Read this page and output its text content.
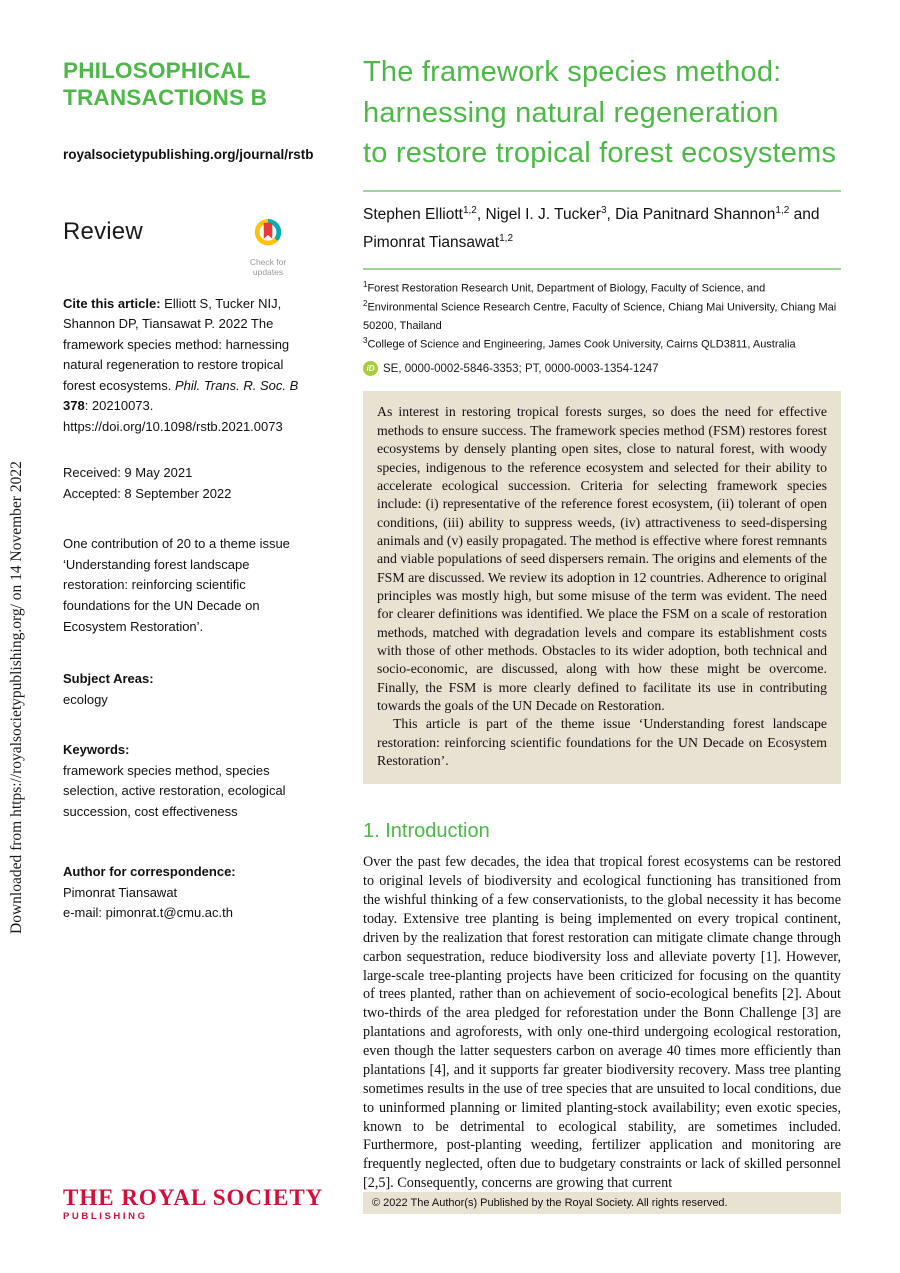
Downloaded from https://royalsocietypublishing.org/ on 14 November 2022
PHILOSOPHICAL
TRANSACTIONS B
royalsocietypublishing.org/journal/rstb
Review
Check for
updates

Cite this article: Elliott S, Tucker NIJ, Shannon DP, Tiansawat P. 2022 The framework species method: harnessing natural regeneration to restore tropical forest ecosystems. Phil. Trans. R. Soc. B 378: 20210073.
https://doi.org/10.1098/rstb.2021.0073

Received: 9 May 2021
Accepted: 8 September 2022

One contribution of 20 to a theme issue ‘Understanding forest landscape restoration: reinforcing scientific foundations for the UN Decade on Ecosystem Restoration’.

Subject Areas:
ecology
Keywords:
framework species method, species selection, active restoration, ecological succession, cost effectiveness
Author for correspondence:
Pimonrat Tiansawat
e-mail: pimonrat.t@cmu.ac.th
The framework species method:
harnessing natural regeneration
to restore tropical forest ecosystems

Stephen Elliott$^{1,2}$, Nigel I. J. Tucker$^3$, Dia Panitnard Shannon$^{1,2}$ and
Pimonrat Tiansawat$^{1,2}$

$^1$Forest Restoration Research Unit, Department of Biology, Faculty of Science, and $^2$Environmental Science Research Centre, Faculty of Science, Chiang Mai University, Chiang Mai 50200, Thailand
$^3$College of Science and Engineering, James Cook University, Cairns QLD3811, Australia

iD SE, 0000-0002-5846-3353; PT, 0000-0003-1354-1247

As interest in restoring tropical forests surges, so does the need for effective methods to ensure success. The framework species method (FSM) restores forest ecosystems by densely planting open sites, close to natural forest, with woody species, indigenous to the reference ecosystem and selected for their ability to accelerate ecological succession. Criteria for selecting framework species include: (i) representative of the reference forest ecosystem, (ii) tolerant of open conditions, (iii) ability to suppress weeds, (iv) attractiveness to seed-dispersing animals and (v) easily propagated. The method is effective where forest remnants and viable populations of seed dispersers remain. The origins and elements of the FSM are discussed. We review its adoption in 12 countries. Adherence to original principles was mostly high, but some misuse of the term was evident. The need for clearer definitions was identified. We place the FSM on a scale of restoration methods, matched with degradation levels and compare its establishment costs with those of other methods. Obstacles to its wider adoption, both technical and socio-economic, are discussed, along with how these might be overcome. Finally, the FSM is more clearly defined to facilitate its use in contributing towards the goals of the UN Decade on Restoration.

This article is part of the theme issue ‘Understanding forest landscape restoration: reinforcing scientific foundations for the UN Decade on Ecosystem Restoration’.

1. Introduction

Over the past few decades, the idea that tropical forest ecosystems can be restored to original levels of biodiversity and ecological functioning has transitioned from the wishful thinking of a few conservationists, to the global necessity it has become today. Extensive tree planting is being implemented on every tropical continent, driven by the realization that forest restoration can mitigate climate change through carbon sequestration, reduce biodiversity loss and alleviate poverty [1]. However, large-scale tree-planting projects have been criticized for focusing on the quantity of trees planted, rather than on achievement of socio-ecological benefits [2]. About two-thirds of the area pledged for reforestation under the Bonn Challenge [3] are plantations and agroforests, with only one-third undergoing ecological restoration, even though the latter sequesters carbon on average 40 times more efficiently than plantations [4], and it supports far greater biodiversity recovery. Mass tree planting sometimes results in the use of tree species that are unsuited to local conditions, due to uninformed planning or limited planting-stock availability; even exotic species, known to be detrimental to ecological stability, are sometimes included. Furthermore, post-planting weeding, fertilizer application and monitoring are frequently neglected, often due to budgetary constraints or lack of skilled personnel [2,5]. Consequently, concerns are growing that current

THE ROYAL SOCIETY
PUBLISHING
© 2022 The Author(s) Published by the Royal Society. All rights reserved.
